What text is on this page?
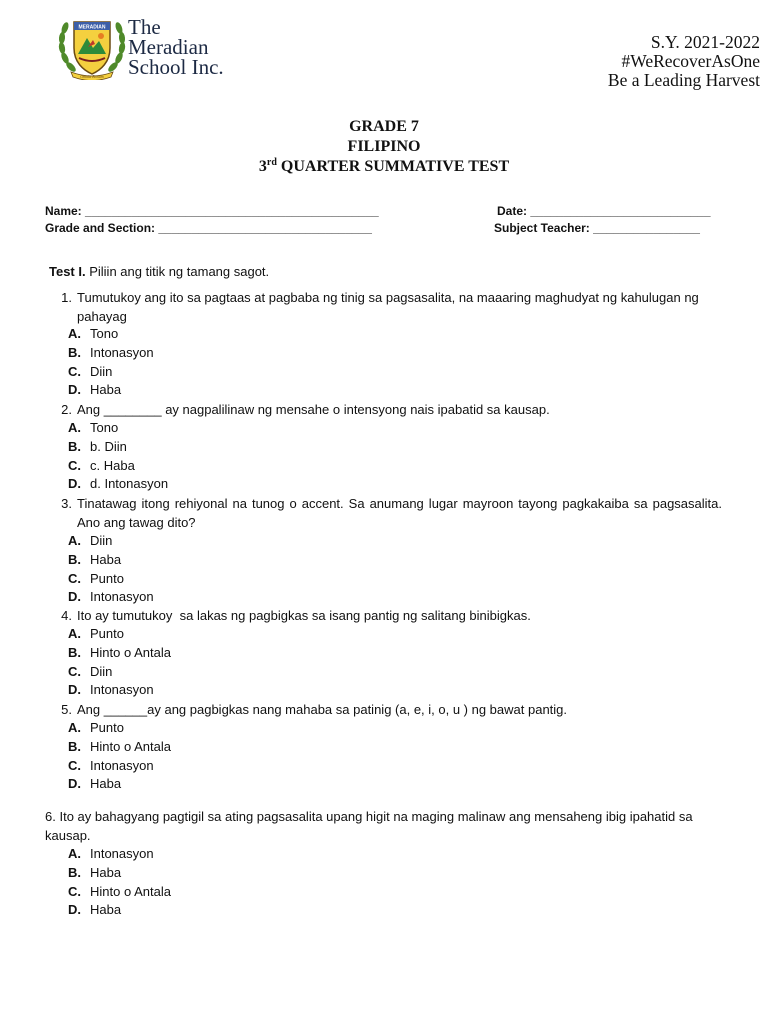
MERADIAN
Omnia Bonum
The
Meradian
School Inc.
S.Y. 2021-2022
#WeRecoverAsOne
Be a Leading Harvest
GRADE 7
FILIPINO
3rd QUARTER SUMMATIVE TEST
Name: ____________________________________________	Date: ___________________________
Grade and Section: ________________________________	Subject Teacher: ________________
Test I. Piliin ang titik ng tamang sagot.
1. Tumutukoy ang ito sa pagtaas at pagbaba ng tinig sa pagsasalita, na maaaring maghudyat ng kahulugan ng pahayag
A. Tono
B. Intonasyon
C. Diin
D. Haba
2. Ang ________ ay nagpalilinaw ng mensahe o intensyong nais ipabatid sa kausap.
A. Tono
B. b. Diin
C. c. Haba
D. d. Intonasyon
3. Tinatawag itong rehiyonal na tunog o accent. Sa anumang lugar mayroon tayong pagkakaiba sa pagsasalita. Ano ang tawag dito?
A. Diin
B. Haba
C. Punto
D. Intonasyon
4. Ito ay tumutukoy  sa lakas ng pagbigkas sa isang pantig ng salitang binibigkas.
A. Punto
B. Hinto o Antala
C. Diin
D. Intonasyon
5. Ang ______ay ang pagbigkas nang mahaba sa patinig (a, e, i, o, u ) ng bawat pantig.
A. Punto
B. Hinto o Antala
C. Intonasyon
D. Haba
6. Ito ay bahagyang pagtigil sa ating pagsasalita upang higit na maging malinaw ang mensaheng ibig ipahatid sa kausap.
A. Intonasyon
B. Haba
C. Hinto o Antala
D. Haba
